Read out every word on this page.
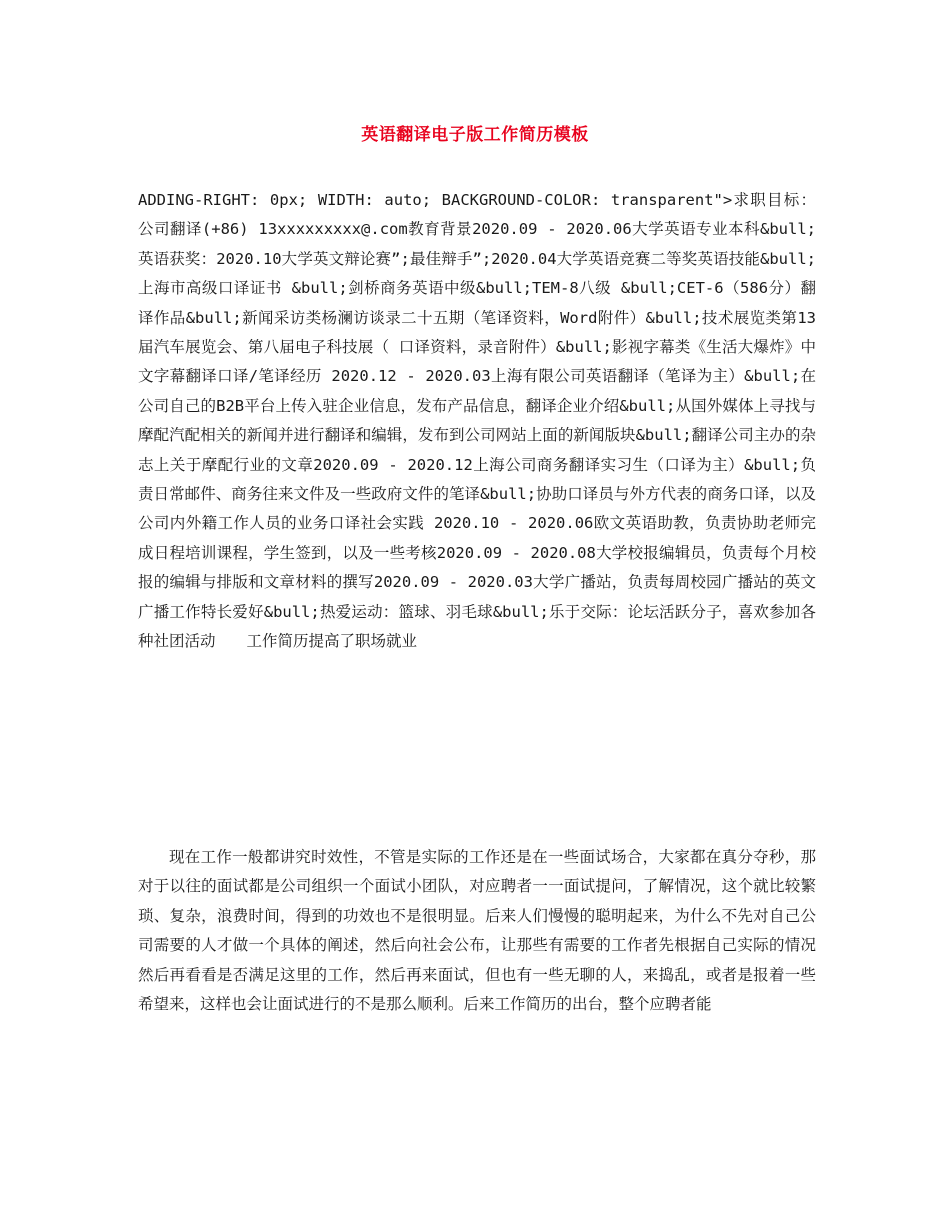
英语翻译电子版工作简历模板

ADDING-RIGHT: 0px; WIDTH: auto; BACKGROUND-COLOR: transparent">求职目标：公司翻译(+86) 13xxxxxxxxx@.com教育背景2020.09 - 2020.06大学英语专业本科&bull;英语获奖：2020.10大学英文辩论赛”;最佳辩手”;2020.04大学英语竞赛二等奖英语技能&bull;上海市高级口译证书 &bull;剑桥商务英语中级&bull;TEM-8八级 &bull;CET-6（586分）翻译作品&bull;新闻采访类杨澜访谈录二十五期（笔译资料，Word附件）&bull;技术展览类第13届汽车展览会、第八届电子科技展（ 口译资料，录音附件）&bull;影视字幕类《生活大爆炸》中文字幕翻译口译/笔译经历 2020.12 - 2020.03上海有限公司英语翻译（笔译为主）&bull;在公司自己的B2B平台上传入驻企业信息，发布产品信息，翻译企业介绍&bull;从国外媒体上寻找与摩配汽配相关的新闻并进行翻译和编辑，发布到公司网站上面的新闻版块&bull;翻译公司主办的杂志上关于摩配行业的文章2020.09 - 2020.12上海公司商务翻译实习生（口译为主）&bull;负责日常邮件、商务往来文件及一些政府文件的笔译&bull;协助口译员与外方代表的商务口译，以及公司内外籍工作人员的业务口译社会实践 2020.10 - 2020.06欧文英语助教，负责协助老师完成日程培训课程，学生签到，以及一些考核2020.09 - 2020.08大学校报编辑员，负责每个月校报的编辑与排版和文章材料的撰写2020.09 - 2020.03大学广播站，负责每周校园广播站的英文广播工作特长爱好&bull;热爱运动：篮球、羽毛球&bull;乐于交际：论坛活跃分子，喜欢参加各种社团活动　　工作简历提高了职场就业

现在工作一般都讲究时效性，不管是实际的工作还是在一些面试场合，大家都在真分夺秒，那对于以往的面试都是公司组织一个面试小团队，对应聘者一一面试提问，了解情况，这个就比较繁琐、复杂，浪费时间，得到的功效也不是很明显。后来人们慢慢的聪明起来，为什么不先对自己公司需要的人才做一个具体的阐述，然后向社会公布，让那些有需要的工作者先根据自己实际的情况然后再看看是否满足这里的工作，然后再来面试，但也有一些无聊的人，来捣乱，或者是报着一些希望来，这样也会让面试进行的不是那么顺利。后来工作简历的出台，整个应聘者能
